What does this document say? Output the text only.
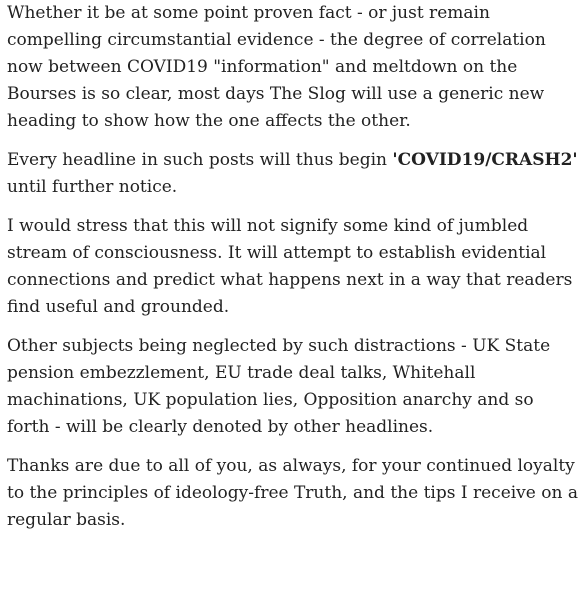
Whether it be at some point proven fact - or just remain compelling circumstantial evidence - the degree of correlation now between COVID19 "information" and meltdown on the Bourses is so clear, most days The Slog will use a generic new heading to show how the one affects the other.

Every headline in such posts will thus begin 'COVID19/CRASH2' until further notice.

I would stress that this will not signify some kind of jumbled stream of consciousness. It will attempt to establish evidential connections and predict what happens next in a way that readers find useful and grounded.

Other subjects being neglected by such distractions - UK State pension embezzlement, EU trade deal talks, Whitehall machinations, UK population lies, Opposition anarchy and so forth - will be clearly denoted by other headlines.

Thanks are due to all of you, as always, for your continued loyalty to the principles of ideology-free Truth, and the tips I receive on a regular basis.
